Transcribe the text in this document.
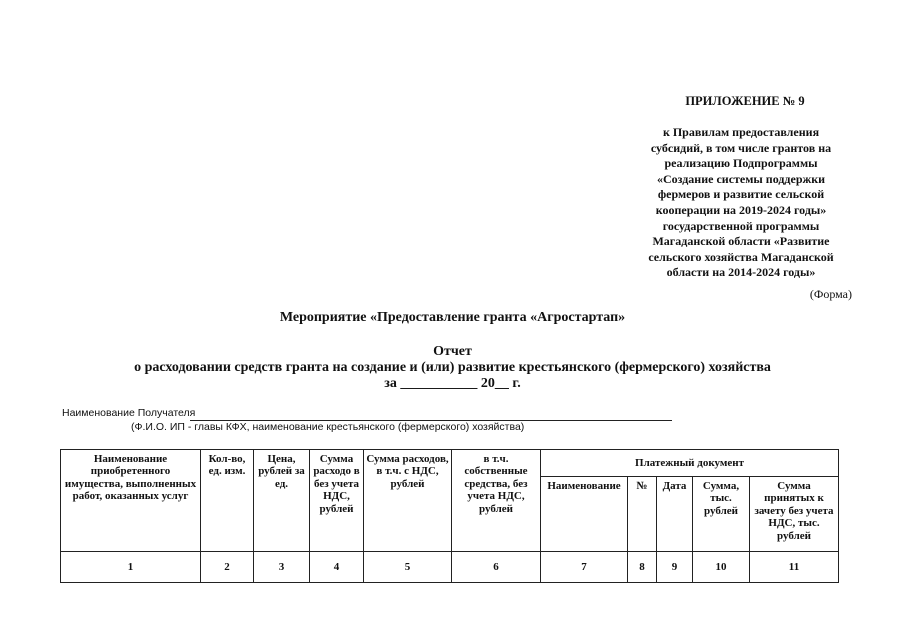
ПРИЛОЖЕНИЕ № 9
к Правилам предоставления
субсидий, в том числе грантов на
реализацию Подпрограммы
«Создание системы поддержки
фермеров и развитие сельской
кооперации на 2019-2024 годы»
государственной программы
Магаданской области «Развитие
сельского хозяйства Магаданской
области на 2014-2024 годы»
(Форма)
Мероприятие «Предоставление гранта «Агростартап»
Отчет
о расходовании средств гранта на создание и (или) развитие крестьянского (фермерского) хозяйства
за ___________ 20__ г.
Наименование Получателя
(Ф.И.О. ИП - главы КФХ, наименование крестьянского (фермерского) хозяйства)
Наименование приобретенного имущества, выполненных работ, оказанных услуг	Кол-во, ед. изм.	Цена, рублей за ед.	Сумма расходо в без учета НДС, рублей	Сумма расходов, в т.ч. с НДС, рублей	в т.ч. собственные средства, без учета НДС, рублей	Платежный документ				
						Наименование	№	Дата	Сумма, тыс. рублей	Сумма принятых к зачету без учета НДС, тыс. рублей
1	2	3	4	5	6	7	8	9	10	11
